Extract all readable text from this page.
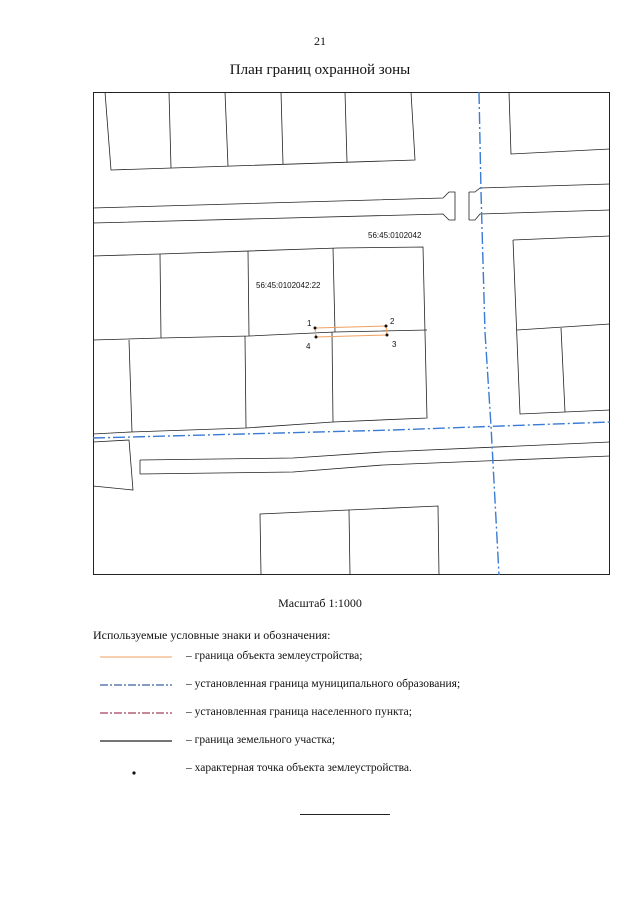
21
План границ охранной зоны
56:45:0102042
56:45:0102042:22
1	2
3
4
Масштаб 1:1000
Используемые условные знаки и обозначения:
– граница объекта землеустройства;
– установленная граница муниципального образования;
– установленная граница населенного пункта;
– граница земельного участка;
– характерная точка объекта землеустройства.
